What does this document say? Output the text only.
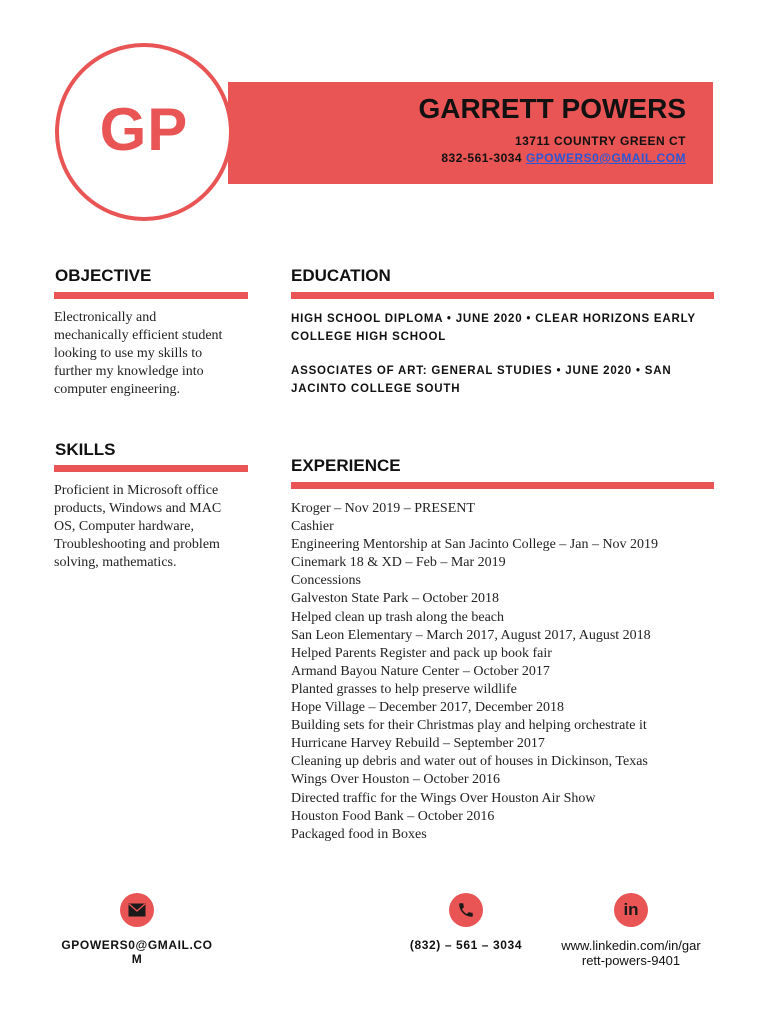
GP	GARRETT POWERS
13711 COUNTRY GREEN CT
832-561-3034 GPOWERS0@GMAIL.COM
OBJECTIVE
Electronically and
mechanically efficient student
looking to use my skills to
further my knowledge into
computer engineering.
SKILLS
Proficient in Microsoft office
products, Windows and MAC
OS, Computer hardware,
Troubleshooting and problem
solving, mathematics.
EDUCATION
HIGH SCHOOL DIPLOMA • JUNE 2020 • CLEAR HORIZONS EARLY
COLLEGE HIGH SCHOOL
ASSOCIATES OF ART: GENERAL STUDIES • JUNE 2020 • SAN
JACINTO COLLEGE SOUTH
EXPERIENCE
Kroger – Nov 2019 – PRESENT
Cashier
Engineering Mentorship at San Jacinto College – Jan – Nov 2019
Cinemark 18 & XD – Feb – Mar 2019
Concessions
Galveston State Park – October 2018
Helped clean up trash along the beach
San Leon Elementary – March 2017, August 2017, August 2018
Helped Parents Register and pack up book fair
Armand Bayou Nature Center – October 2017
Planted grasses to help preserve wildlife
Hope Village – December 2017, December 2018
Building sets for their Christmas play and helping orchestrate it
Hurricane Harvey Rebuild – September 2017
Cleaning up debris and water out of houses in Dickinson, Texas
Wings Over Houston – October 2016
Directed traffic for the Wings Over Houston Air Show
Houston Food Bank – October 2016
Packaged food in Boxes
GPOWERS0@GMAIL.CO
M
(832) – 561 – 3034
in
www.linkedin.com/in/gar
rett-powers-9401
